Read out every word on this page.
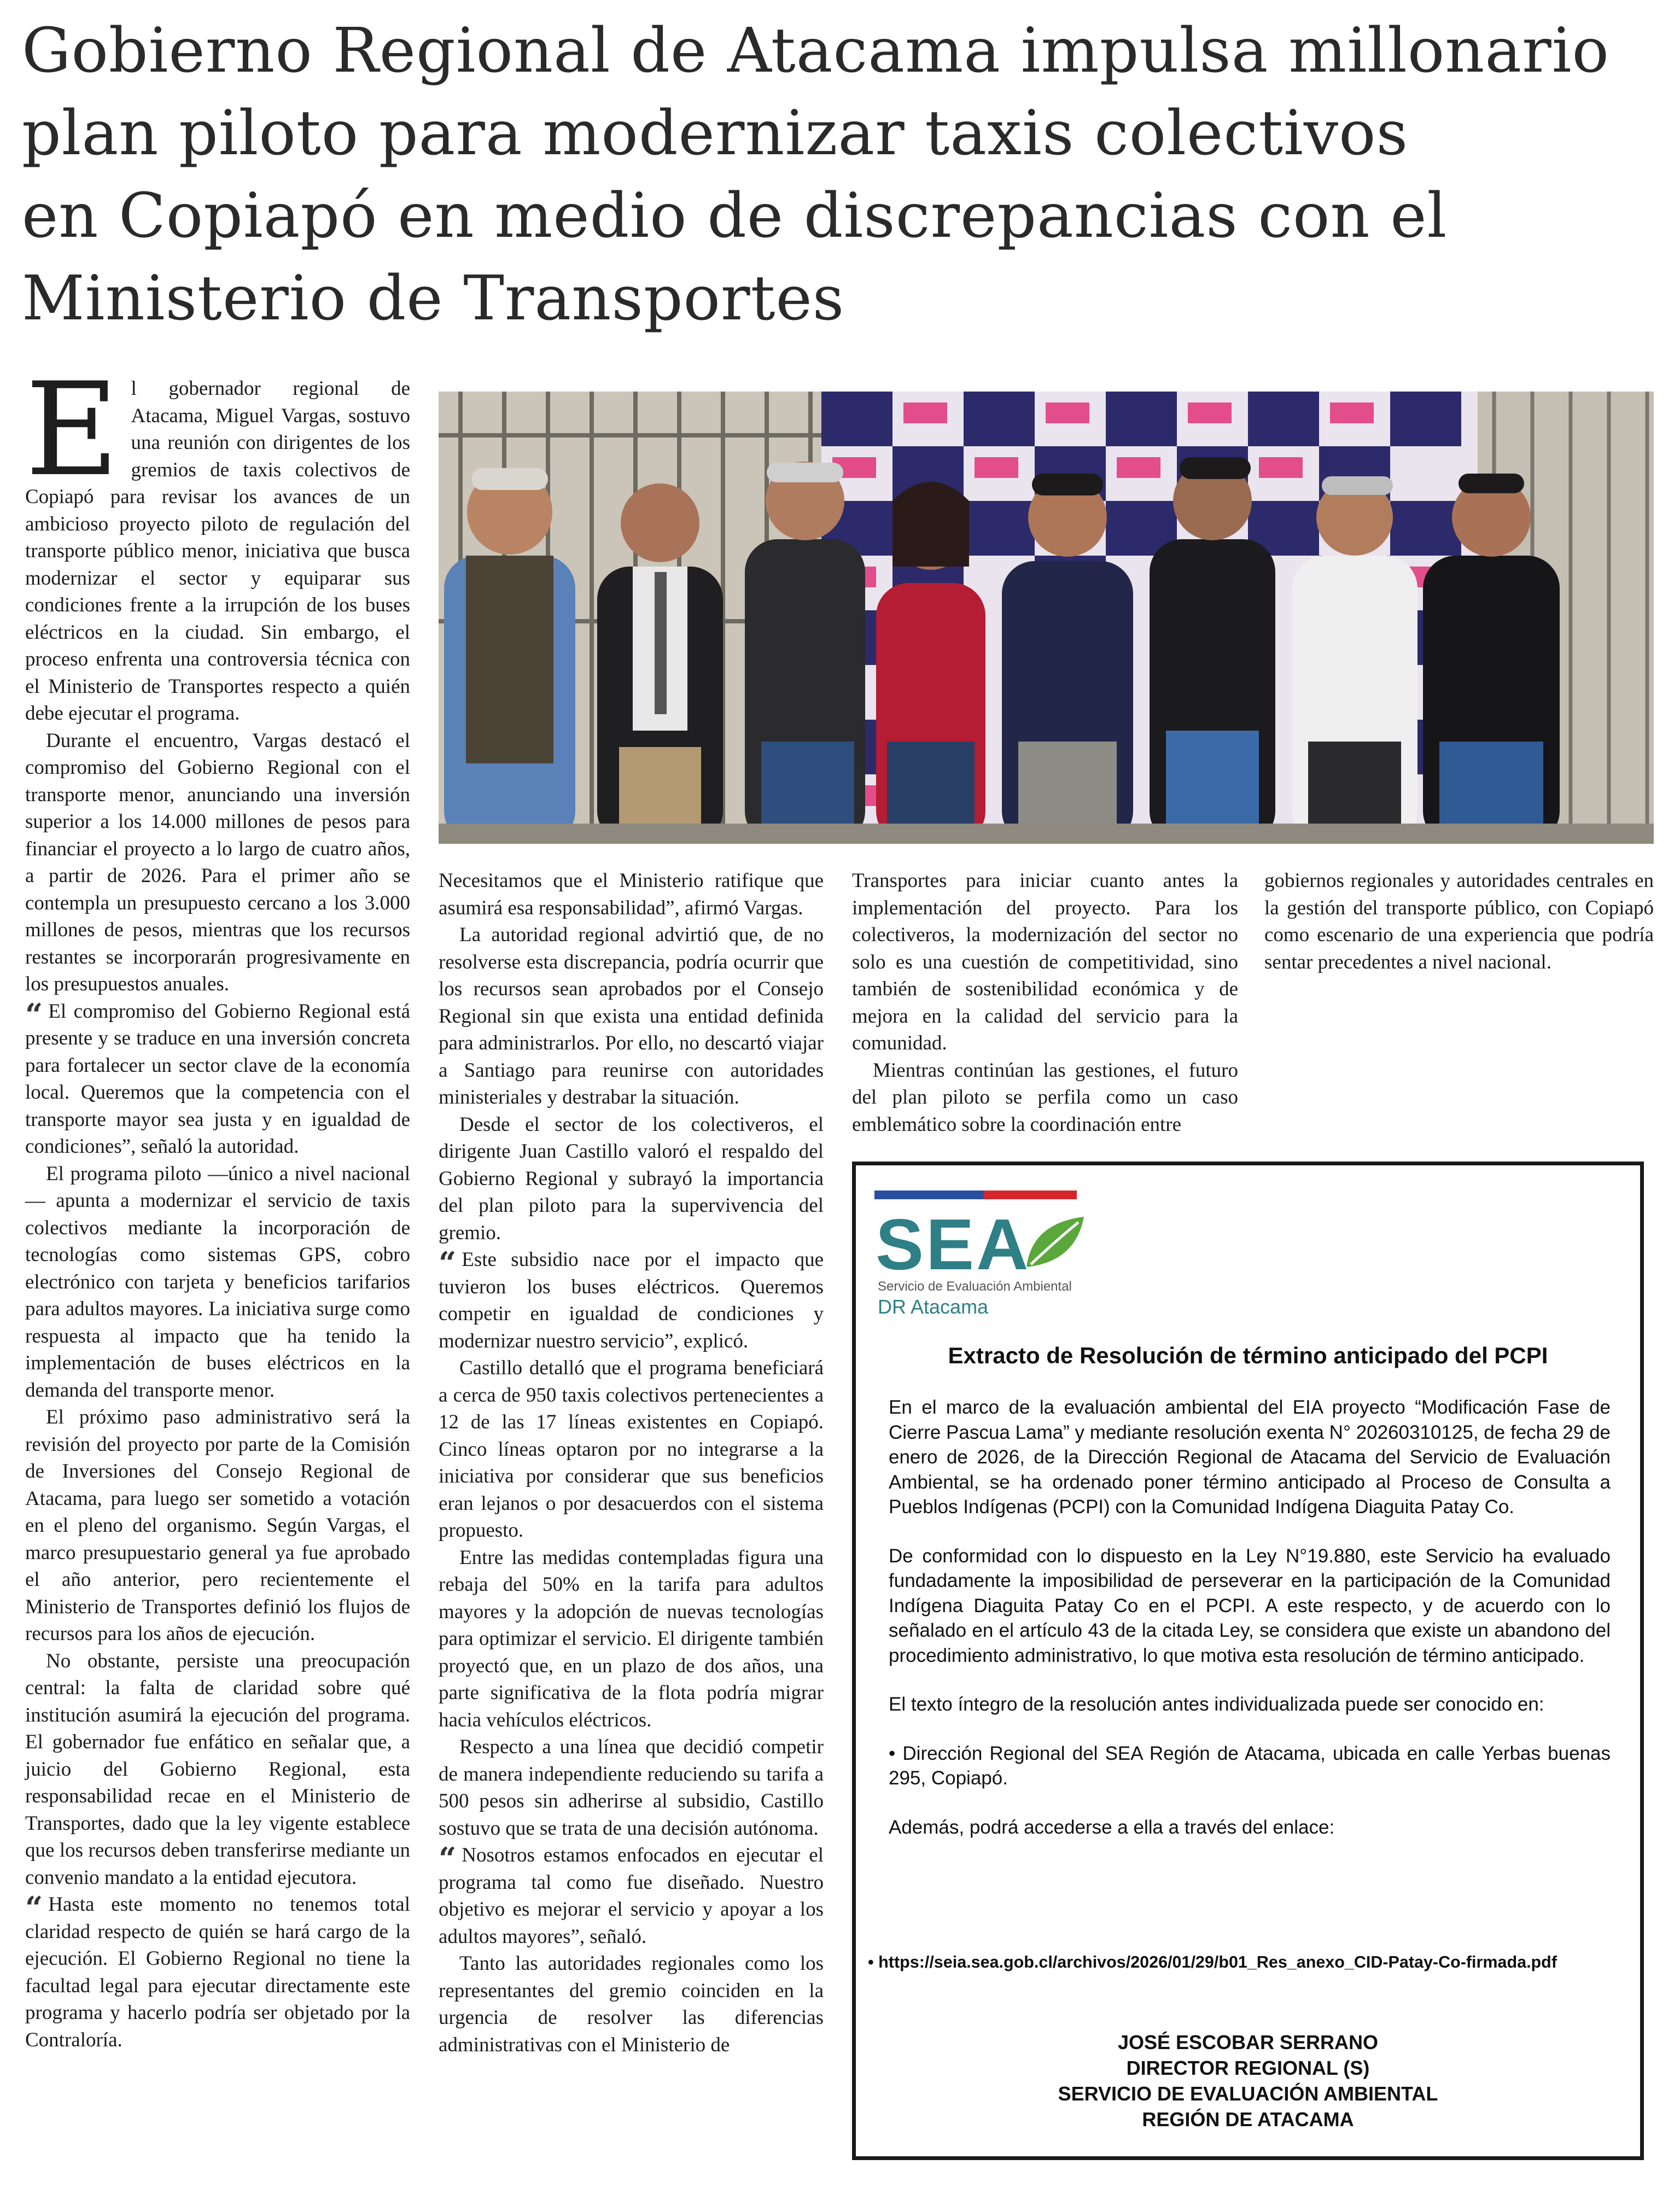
Gobierno Regional de Atacama impulsa millonario
plan piloto para modernizar taxis colectivos
en Copiapó en medio de discrepancias con el
Ministerio de Transportes

El gobernador regional de Atacama, Miguel Vargas, sostuvo una reunión con dirigentes de los gremios de taxis colectivos de Copiapó para revisar los avances de un ambicioso proyecto piloto de regulación del transporte público menor, iniciativa que busca modernizar el sector y equiparar sus condiciones frente a la irrupción de los buses eléctricos en la ciudad. Sin embargo, el proceso enfrenta una controversia técnica con el Ministerio de Transportes respecto a quién debe ejecutar el programa.

Durante el encuentro, Vargas destacó el compromiso del Gobierno Regional con el transporte menor, anunciando una inversión superior a los 14.000 millones de pesos para financiar el proyecto a lo largo de cuatro años, a partir de 2026. Para el primer año se contempla un presupuesto cercano a los 3.000 millones de pesos, mientras que los recursos restantes se incorporarán progresivamente en los presupuestos anuales.

“ El compromiso del Gobierno Regional está presente y se traduce en una inversión concreta para fortalecer un sector clave de la economía local. Queremos que la competencia con el transporte mayor sea justa y en igualdad de condiciones”, señaló la autoridad.

El programa piloto —único a nivel nacional— apunta a modernizar el servicio de taxis colectivos mediante la incorporación de tecnologías como sistemas GPS, cobro electrónico con tarjeta y beneficios tarifarios para adultos mayores. La iniciativa surge como respuesta al impacto que ha tenido la implementación de buses eléctricos en la demanda del transporte menor.

El próximo paso administrativo será la revisión del proyecto por parte de la Comisión de Inversiones del Consejo Regional de Atacama, para luego ser sometido a votación en el pleno del organismo. Según Vargas, el marco presupuestario general ya fue aprobado el año anterior, pero recientemente el Ministerio de Transportes definió los flujos de recursos para los años de ejecución.

No obstante, persiste una preocupación central: la falta de claridad sobre qué institución asumirá la ejecución del programa. El gobernador fue enfático en señalar que, a juicio del Gobierno Regional, esta responsabilidad recae en el Ministerio de Transportes, dado que la ley vigente establece que los recursos deben transferirse mediante un convenio mandato a la entidad ejecutora.

“ Hasta este momento no tenemos total claridad respecto de quién se hará cargo de la ejecución. El Gobierno Regional no tiene la facultad legal para ejecutar directamente este programa y hacerlo podría ser objetado por la Contraloría.

Necesitamos que el Ministerio ratifique que asumirá esa responsabilidad”, afirmó Vargas.

La autoridad regional advirtió que, de no resolverse esta discrepancia, podría ocurrir que los recursos sean aprobados por el Consejo Regional sin que exista una entidad definida para administrarlos. Por ello, no descartó viajar a Santiago para reunirse con autoridades ministeriales y destrabar la situación.

Desde el sector de los colectiveros, el dirigente Juan Castillo valoró el respaldo del Gobierno Regional y subrayó la importancia del plan piloto para la supervivencia del gremio.

“ Este subsidio nace por el impacto que tuvieron los buses eléctricos. Queremos competir en igualdad de condiciones y modernizar nuestro servicio”, explicó.

Castillo detalló que el programa beneficiará a cerca de 950 taxis colectivos pertenecientes a 12 de las 17 líneas existentes en Copiapó. Cinco líneas optaron por no integrarse a la iniciativa por considerar que sus beneficios eran lejanos o por desacuerdos con el sistema propuesto.

Entre las medidas contempladas figura una rebaja del 50% en la tarifa para adultos mayores y la adopción de nuevas tecnologías para optimizar el servicio. El dirigente también proyectó que, en un plazo de dos años, una parte significativa de la flota podría migrar hacia vehículos eléctricos.

Respecto a una línea que decidió competir de manera independiente reduciendo su tarifa a 500 pesos sin adherirse al subsidio, Castillo sostuvo que se trata de una decisión autónoma.

“ Nosotros estamos enfocados en ejecutar el programa tal como fue diseñado. Nuestro objetivo es mejorar el servicio y apoyar a los adultos mayores”, señaló.

Tanto las autoridades regionales como los representantes del gremio coinciden en la urgencia de resolver las diferencias administrativas con el Ministerio de

Transportes para iniciar cuanto antes la implementación del proyecto. Para los colectiveros, la modernización del sector no solo es una cuestión de competitividad, sino también de sostenibilidad económica y de mejora en la calidad del servicio para la comunidad.

Mientras continúan las gestiones, el futuro del plan piloto se perfila como un caso emblemático sobre la coordinación entre

gobiernos regionales y autoridades centrales en la gestión del transporte público, con Copiapó como escenario de una experiencia que podría sentar precedentes a nivel nacional.

SEA
Servicio de Evaluación Ambiental
DR Atacama
Extracto de Resolución de término anticipado del PCPI

En el marco de la evaluación ambiental del EIA proyecto “Modificación Fase de Cierre Pascua Lama” y mediante resolución exenta N° 20260310125, de fecha 29 de enero de 2026, de la Dirección Regional de Atacama del Servicio de Evaluación Ambiental, se ha ordenado poner término anticipado al Proceso de Consulta a Pueblos Indígenas (PCPI) con la Comunidad Indígena Diaguita Patay Co.

De conformidad con lo dispuesto en la Ley N°19.880, este Servicio ha evaluado fundadamente la imposibilidad de perseverar en la participación de la Comunidad Indígena Diaguita Patay Co en el PCPI. A este respecto, y de acuerdo con lo señalado en el artículo 43 de la citada Ley, se considera que existe un abandono del procedimiento administrativo, lo que motiva esta resolución de término anticipado.

El texto íntegro de la resolución antes individualizada puede ser conocido en:

• Dirección Regional del SEA Región de Atacama, ubicada en calle Yerbas buenas 295, Copiapó.

Además, podrá accederse a ella a través del enlace:

• https://seia.sea.gob.cl/archivos/2026/01/29/b01_Res_anexo_CID-Patay-Co-firmada.pdf
JOSÉ ESCOBAR SERRANO
DIRECTOR REGIONAL (S)
SERVICIO DE EVALUACIÓN AMBIENTAL
REGIÓN DE ATACAMA
